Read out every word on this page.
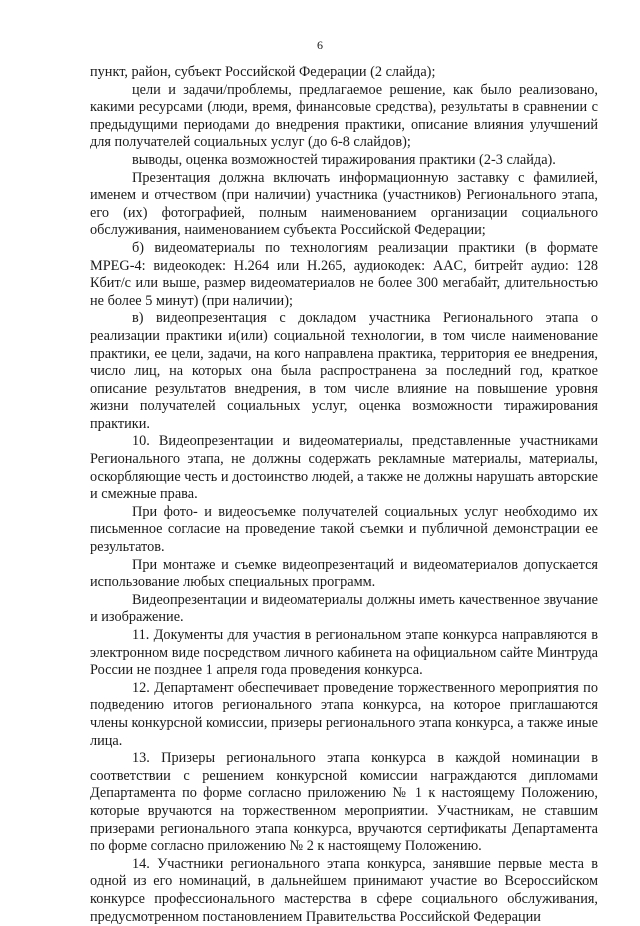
6

пункт, район, субъект Российской Федерации (2 слайда);

цели и задачи/проблемы, предлагаемое решение, как было реализовано, какими ресурсами (люди, время, финансовые средства), результаты в сравнении с предыдущими периодами до внедрения практики, описание влияния улучшений для получателей социальных услуг (до 6-8 слайдов);

выводы, оценка возможностей тиражирования практики (2-3 слайда).

Презентация должна включать информационную заставку с фамилией, именем и отчеством (при наличии) участника (участников) Регионального этапа, его (их) фотографией, полным наименованием организации социального обслуживания, наименованием субъекта Российской Федерации;

б) видеоматериалы по технологиям реализации практики (в формате MPEG-4: видеокодек: H.264 или H.265, аудиокодек: AAC, битрейт аудио: 128 Кбит/с или выше, размер видеоматериалов не более 300 мегабайт, длительностью не более 5 минут) (при наличии);

в) видеопрезентация с докладом участника Регионального этапа о реализации практики и(или) социальной технологии, в том числе наименование практики, ее цели, задачи, на кого направлена практика, территория ее внедрения, число лиц, на которых она была распространена за последний год, краткое описание результатов внедрения, в том числе влияние на повышение уровня жизни получателей социальных услуг, оценка возможности тиражирования практики.

10. Видеопрезентации и видеоматериалы, представленные участниками Регионального этапа, не должны содержать рекламные материалы, материалы, оскорбляющие честь и достоинство людей, а также не должны нарушать авторские и смежные права.

При фото- и видеосъемке получателей социальных услуг необходимо их письменное согласие на проведение такой съемки и публичной демонстрации ее результатов.

При монтаже и съемке видеопрезентаций и видеоматериалов допускается использование любых специальных программ.

Видеопрезентации и видеоматериалы должны иметь качественное звучание и изображение.

11. Документы для участия в региональном этапе конкурса направляются в электронном виде посредством личного кабинета на официальном сайте Минтруда России не позднее 1 апреля года проведения конкурса.

12. Департамент обеспечивает проведение торжественного мероприятия по подведению итогов регионального этапа конкурса, на которое приглашаются члены конкурсной комиссии, призеры регионального этапа конкурса, а также иные лица.

13. Призеры регионального этапа конкурса в каждой номинации в соответствии с решением конкурсной комиссии награждаются дипломами Департамента по форме согласно приложению № 1 к настоящему Положению, которые вручаются на торжественном мероприятии. Участникам, не ставшим призерами регионального этапа конкурса, вручаются сертификаты Департамента по форме согласно приложению № 2 к настоящему Положению.

14. Участники регионального этапа конкурса, занявшие первые места в одной из его номинаций, в дальнейшем принимают участие во Всероссийском конкурсе профессионального мастерства в сфере социального обслуживания, предусмотренном постановлением Правительства Российской Федерации
